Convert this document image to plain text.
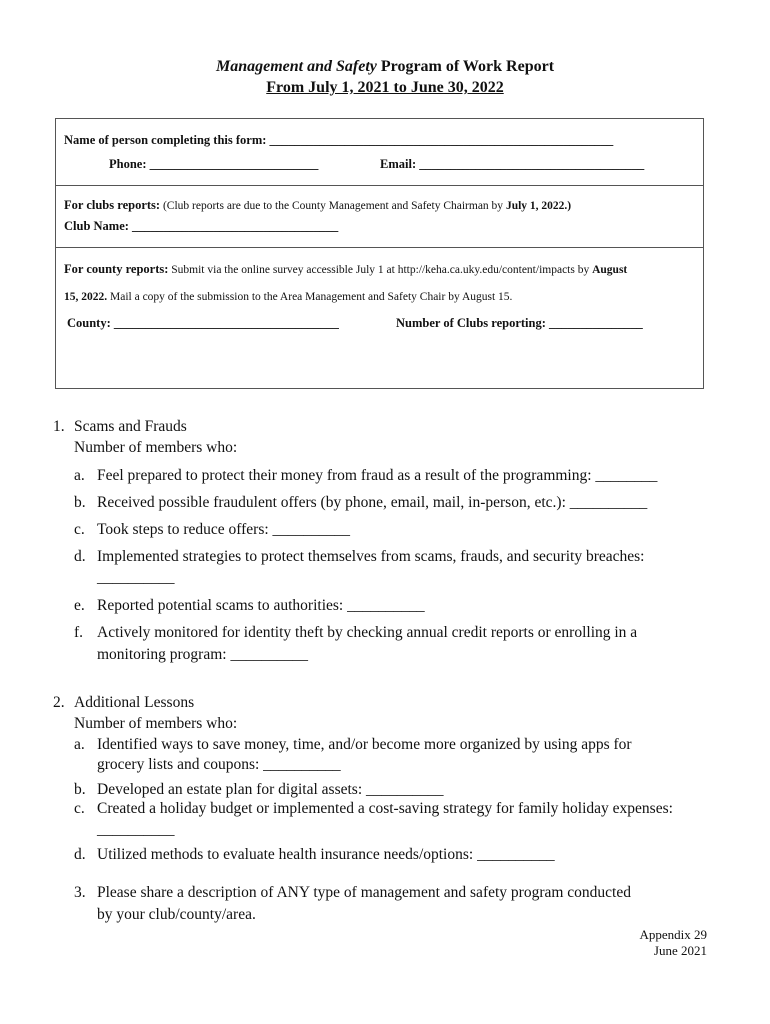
Management and Safety Program of Work Report
From July 1, 2021 to June 30, 2022
Name of person completing this form: _______________________________________________________
Phone: ___________________________	Email: ____________________________________
For clubs reports: (Club reports are due to the County Management and Safety Chairman by July 1, 2022.)
Club Name: _________________________________
For county reports: Submit via the online survey accessible July 1 at http://keha.ca.uky.edu/content/impacts by August
15, 2022. Mail a copy of the submission to the Area Management and Safety Chair by August 15.
County: ____________________________________	Number of Clubs reporting: _______________
1. Scams and Frauds
Number of members who:
a. Feel prepared to protect their money from fraud as a result of the programming: ________
b. Received possible fraudulent offers (by phone, email, mail, in-person, etc.): __________
c. Took steps to reduce offers: __________
d. Implemented strategies to protect themselves from scams, frauds, and security breaches:
__________
e. Reported potential scams to authorities: __________
f. Actively monitored for identity theft by checking annual credit reports or enrolling in a
monitoring program: __________
2. Additional Lessons
Number of members who:
a. Identified ways to save money, time, and/or become more organized by using apps for
grocery lists and coupons: __________
b. Developed an estate plan for digital assets: __________
c. Created a holiday budget or implemented a cost-saving strategy for family holiday expenses:
__________
d. Utilized methods to evaluate health insurance needs/options: __________
3. Please share a description of ANY type of management and safety program conducted
by your club/county/area.
Appendix 29
June 2021
